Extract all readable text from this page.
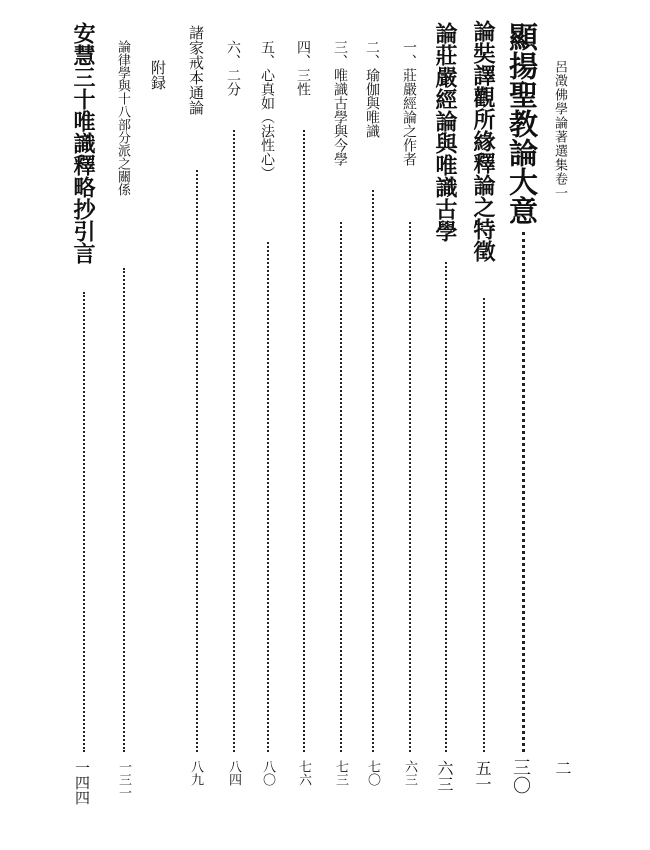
呂澂佛學論著選集卷一
二
顯揚聖教論大意
三〇
論奘譯觀所緣釋論之特徵
五一
論莊嚴經論與唯識古學
六三
一、莊嚴經論之作者
六三
二、瑜伽與唯識
七〇
三、唯識古學與今學
七三
四、三性
七六
五、心真如（法性心）
八〇
六、二分
八四
諸家戒本通論
八九
附録
論律學與十八部分派之關係
一三一
安慧三十唯識釋略抄引言
一四四
